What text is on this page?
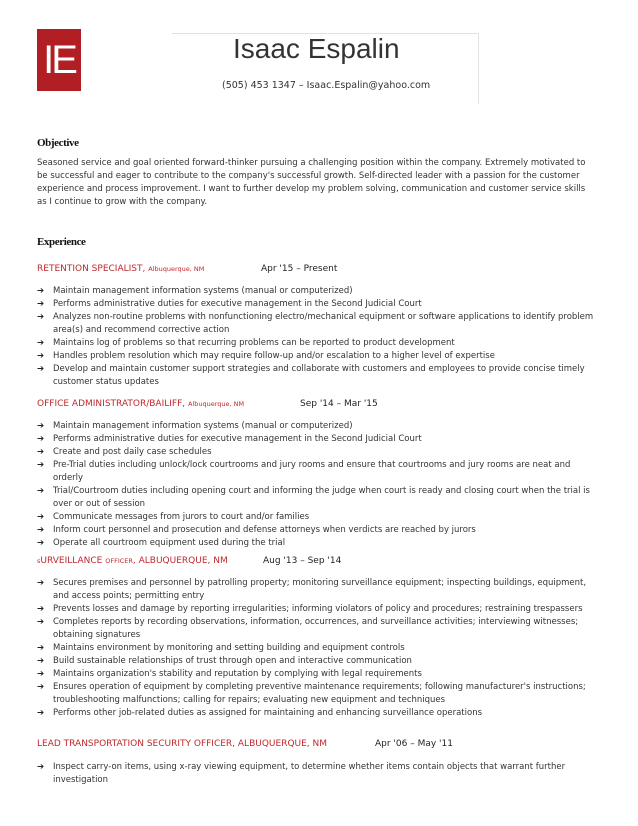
IE	Isaac Espalin
(505) 453 1347 – Isaac.Espalin@yahoo.com
Objective

Seasoned service and goal oriented forward-thinker pursuing a challenging position within the company. Extremely motivated to be successful and eager to contribute to the company's successful growth. Self-directed leader with a passion for the customer experience and process improvement. I want to further develop my problem solving, communication and customer service skills as I continue to grow with the company.

Experience
RETENTION SPECIALIST, Albuquerque, NM	Apr '15 – Present
➔ Maintain management information systems (manual or computerized)
➔ Performs administrative duties for executive management in the Second Judicial Court
➔ Analyzes non-routine problems with nonfunctioning electro/mechanical equipment or software applications to identify problem area(s) and recommend corrective action
➔ Maintains log of problems so that recurring problems can be reported to product development
➔ Handles problem resolution which may require follow-up and/or escalation to a higher level of expertise
➔ Develop and maintain customer support strategies and collaborate with customers and employees to provide concise timely customer status updates
OFFICE ADMINISTRATOR/BAILIFF, Albuquerque, NM	Sep '14 – Mar '15
➔ Maintain management information systems (manual or computerized)
➔ Performs administrative duties for executive management in the Second Judicial Court
➔ Create and post daily case schedules
➔ Pre-Trial duties including unlock/lock courtrooms and jury rooms and ensure that courtrooms and jury rooms are neat and orderly
➔ Trial/Courtroom duties including opening court and informing the judge when court is ready and closing court when the trial is over or out of session
➔ Communicate messages from jurors to court and/or families
➔ Inform court personnel and prosecution and defense attorneys when verdicts are reached by jurors
➔ Operate all courtroom equipment used during the trial
sURVEILLANCE OFFICER, ALBUQUERQUE, NM	Aug '13 – Sep '14
➔ Secures premises and personnel by patrolling property; monitoring surveillance equipment; inspecting buildings, equipment, and access points; permitting entry
➔ Prevents losses and damage by reporting irregularities; informing violators of policy and procedures; restraining trespassers
➔ Completes reports by recording observations, information, occurrences, and surveillance activities; interviewing witnesses; obtaining signatures
➔ Maintains environment by monitoring and setting building and equipment controls
➔ Build sustainable relationships of trust through open and interactive communication
➔ Maintains organization's stability and reputation by complying with legal requirements
➔ Ensures operation of equipment by completing preventive maintenance requirements; following manufacturer's instructions; troubleshooting malfunctions; calling for repairs; evaluating new equipment and techniques
➔ Performs other job-related duties as assigned for maintaining and enhancing surveillance operations
LEAD TRANSPORTATION SECURITY OFFICER, ALBUQUERQUE, NM	Apr '06 – May '11
➔ Inspect carry-on items, using x-ray viewing equipment, to determine whether items contain objects that warrant further investigation
